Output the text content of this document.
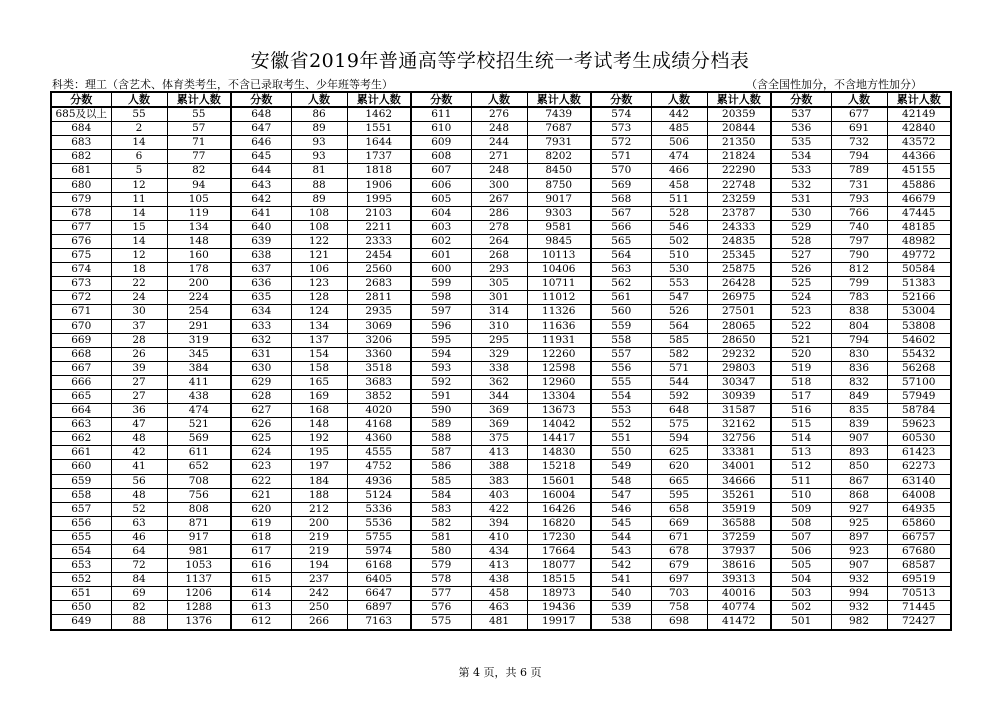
安徽省2019年普通高等学校招生统一考试考生成绩分档表
科类：理工（含艺术、体育类考生，不含已录取考生、少年班等考生）	（含全国性加分，不含地方性加分）
分数	人数	累计人数	分数	人数	累计人数	分数	人数	累计人数	分数	人数	累计人数	分数	人数	累计人数
685及以上	55	55	648	86	1462	611	276	7439	574	442	20359	537	677	42149
684	2	57	647	89	1551	610	248	7687	573	485	20844	536	691	42840
683	14	71	646	93	1644	609	244	7931	572	506	21350	535	732	43572
682	6	77	645	93	1737	608	271	8202	571	474	21824	534	794	44366
681	5	82	644	81	1818	607	248	8450	570	466	22290	533	789	45155
680	12	94	643	88	1906	606	300	8750	569	458	22748	532	731	45886
679	11	105	642	89	1995	605	267	9017	568	511	23259	531	793	46679
678	14	119	641	108	2103	604	286	9303	567	528	23787	530	766	47445
677	15	134	640	108	2211	603	278	9581	566	546	24333	529	740	48185
676	14	148	639	122	2333	602	264	9845	565	502	24835	528	797	48982
675	12	160	638	121	2454	601	268	10113	564	510	25345	527	790	49772
674	18	178	637	106	2560	600	293	10406	563	530	25875	526	812	50584
673	22	200	636	123	2683	599	305	10711	562	553	26428	525	799	51383
672	24	224	635	128	2811	598	301	11012	561	547	26975	524	783	52166
671	30	254	634	124	2935	597	314	11326	560	526	27501	523	838	53004
670	37	291	633	134	3069	596	310	11636	559	564	28065	522	804	53808
669	28	319	632	137	3206	595	295	11931	558	585	28650	521	794	54602
668	26	345	631	154	3360	594	329	12260	557	582	29232	520	830	55432
667	39	384	630	158	3518	593	338	12598	556	571	29803	519	836	56268
666	27	411	629	165	3683	592	362	12960	555	544	30347	518	832	57100
665	27	438	628	169	3852	591	344	13304	554	592	30939	517	849	57949
664	36	474	627	168	4020	590	369	13673	553	648	31587	516	835	58784
663	47	521	626	148	4168	589	369	14042	552	575	32162	515	839	59623
662	48	569	625	192	4360	588	375	14417	551	594	32756	514	907	60530
661	42	611	624	195	4555	587	413	14830	550	625	33381	513	893	61423
660	41	652	623	197	4752	586	388	15218	549	620	34001	512	850	62273
659	56	708	622	184	4936	585	383	15601	548	665	34666	511	867	63140
658	48	756	621	188	5124	584	403	16004	547	595	35261	510	868	64008
657	52	808	620	212	5336	583	422	16426	546	658	35919	509	927	64935
656	63	871	619	200	5536	582	394	16820	545	669	36588	508	925	65860
655	46	917	618	219	5755	581	410	17230	544	671	37259	507	897	66757
654	64	981	617	219	5974	580	434	17664	543	678	37937	506	923	67680
653	72	1053	616	194	6168	579	413	18077	542	679	38616	505	907	68587
652	84	1137	615	237	6405	578	438	18515	541	697	39313	504	932	69519
651	69	1206	614	242	6647	577	458	18973	540	703	40016	503	994	70513
650	82	1288	613	250	6897	576	463	19436	539	758	40774	502	932	71445
649	88	1376	612	266	7163	575	481	19917	538	698	41472	501	982	72427
第 4 页，共 6 页
